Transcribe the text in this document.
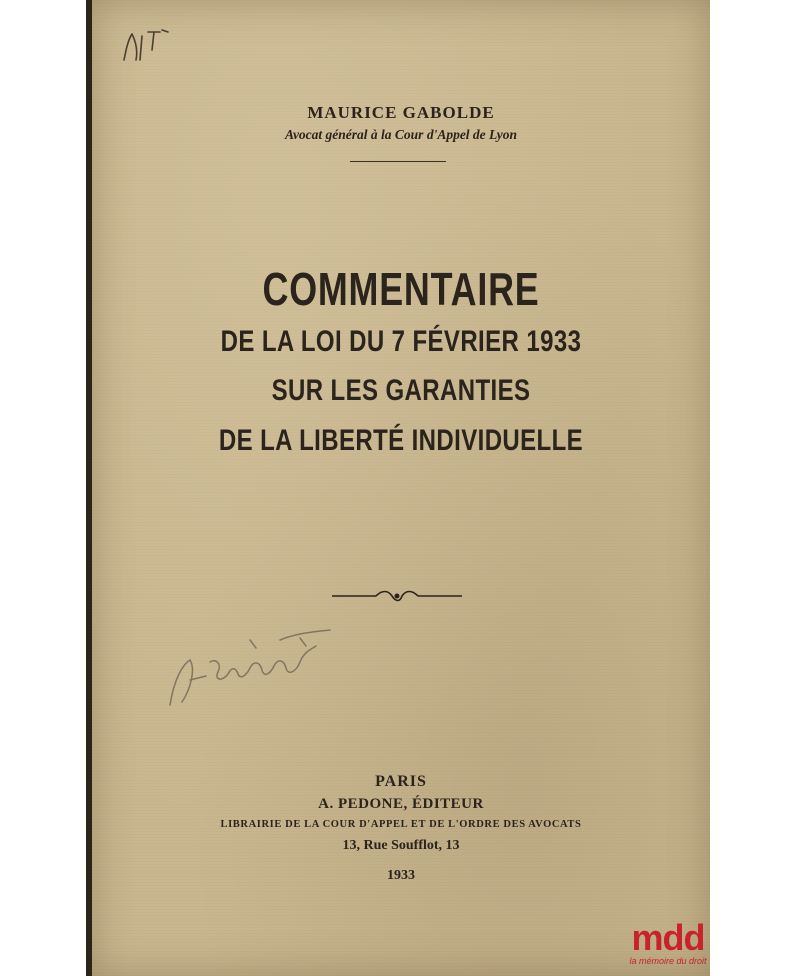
MAURICE GABOLDE
Avocat général à la Cour d'Appel de Lyon
COMMENTAIRE
DE LA LOI DU 7 FÉVRIER 1933
SUR LES GARANTIES
DE LA LIBERTÉ INDIVIDUELLE
PARIS
A. PEDONE, ÉDITEUR
LIBRAIRIE DE LA COUR D'APPEL ET DE L'ORDRE DES AVOCATS
13, Rue Soufflot, 13
1933
mdd
la mémoire du droit
